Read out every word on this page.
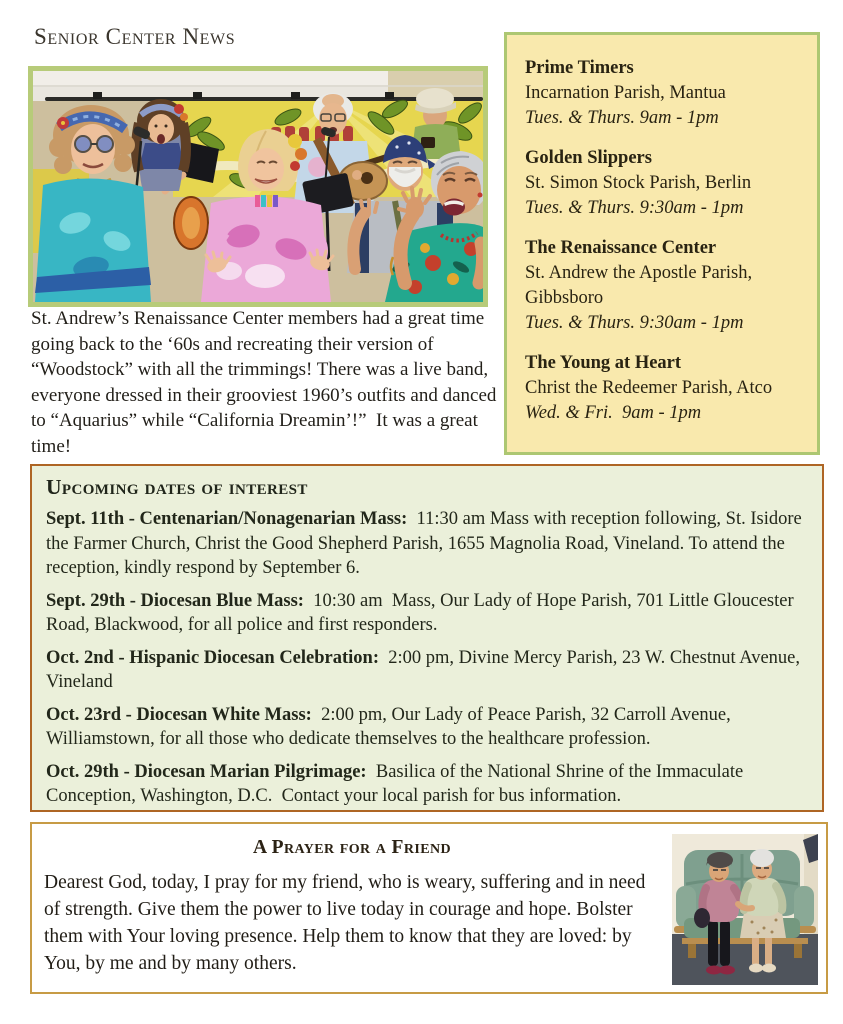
Senior Center News

St. Andrew’s Renaissance Center members had a great time going back to the ‘60s and recreating their version of “Woodstock” with all the trimmings! There was a live band, everyone dressed in their grooviest 1960’s outfits and danced to “Aquarius” while “California Dreamin’!”  It was a great time!

Prime Timers
Incarnation Parish, Mantua
Tues. & Thurs. 9am - 1pm
Golden Slippers
St. Simon Stock Parish, Berlin
Tues. & Thurs. 9:30am - 1pm
The Renaissance Center
St. Andrew the Apostle Parish, Gibbsboro
Tues. & Thurs. 9:30am - 1pm
The Young at Heart
Christ the Redeemer Parish, Atco
Wed. & Fri.  9am - 1pm
Upcoming dates of interest

Sept. 11th - Centenarian/Nonagenarian Mass:  11:30 am Mass with reception following, St. Isidore the Farmer Church, Christ the Good Shepherd Parish, 1655 Magnolia Road, Vineland. To attend the reception, kindly respond by September 6.

Sept. 29th - Diocesan Blue Mass:  10:30 am  Mass, Our Lady of Hope Parish, 701 Little Gloucester Road, Blackwood, for all police and first responders.

Oct. 2nd - Hispanic Diocesan Celebration:  2:00 pm, Divine Mercy Parish, 23 W. Chestnut Avenue, Vineland

Oct. 23rd - Diocesan White Mass:  2:00 pm, Our Lady of Peace Parish, 32 Carroll Avenue, Williamstown, for all those who dedicate themselves to the healthcare profession.

Oct. 29th - Diocesan Marian Pilgrimage:  Basilica of the National Shrine of the Immaculate Conception, Washington, D.C.  Contact your local parish for bus information.

A Prayer for a Friend

Dearest God, today, I pray for my friend, who is weary, suffering and in need of strength. Give them the power to live today in courage and hope. Bolster them with Your loving presence. Help them to know that they are loved: by You, by me and by many others.
